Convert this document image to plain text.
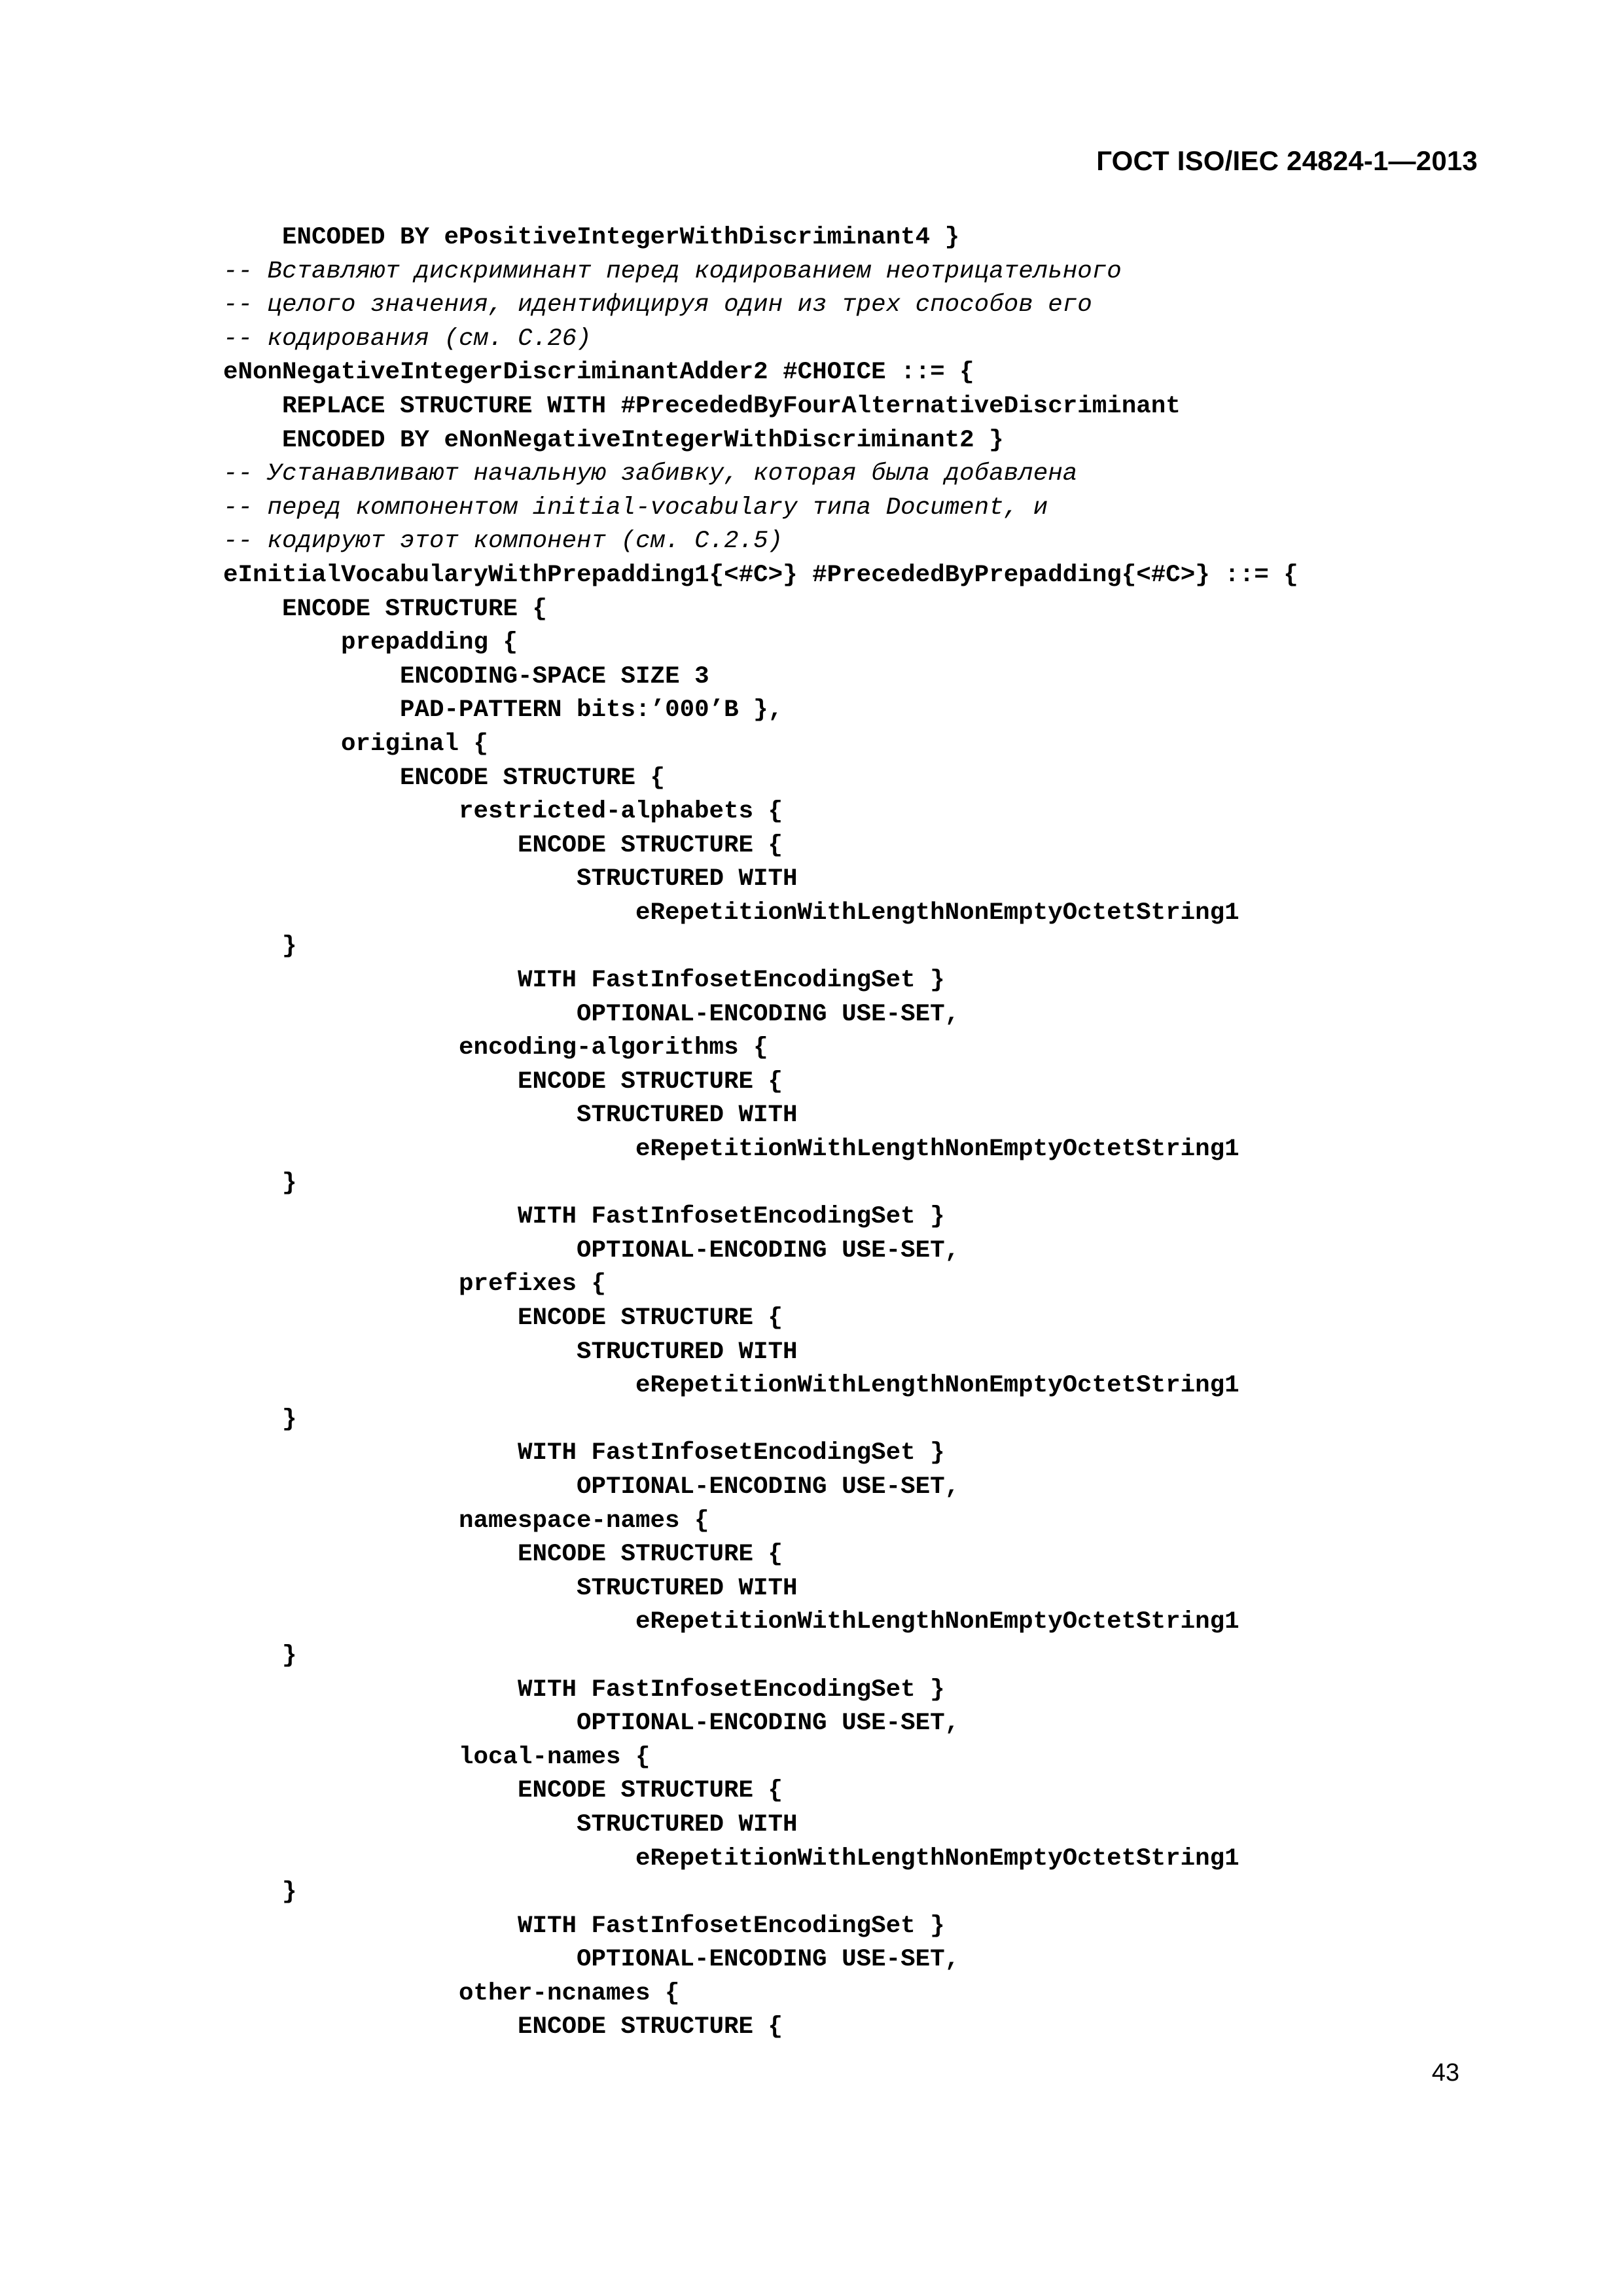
ГОСТ ISO/IEC 24824-1—2013
ENCODED BY ePositiveIntegerWithDiscriminant4 }
-- Вставляют дискриминант перед кодированием неотрицательного
-- целого значения, идентифицируя один из трех способов его
-- кодирования (см. С.26)
eNonNegativeIntegerDiscriminantAdder2 #CHOICE ::= {
REPLACE STRUCTURE WITH #PrecededByFourAlternativeDiscriminant
ENCODED BY eNonNegativeIntegerWithDiscriminant2 }
-- Устанавливают начальную забивку, которая была добавлена
-- перед компонентом initial-vocabulary типа Document, и
-- кодируют этот компонент (см. С.2.5)
eInitialVocabularyWithPrepadding1{<#C>} #PrecededByPrepadding{<#C>} ::= {
ENCODE STRUCTURE {
prepadding {
ENCODING-SPACE SIZE 3
PAD-PATTERN bits:’000’B },
original {
ENCODE STRUCTURE {
restricted-alphabets {
ENCODE STRUCTURE {
STRUCTURED WITH
eRepetitionWithLengthNonEmptyOctetString1
}
WITH FastInfosetEncodingSet }
OPTIONAL-ENCODING USE-SET,
encoding-algorithms {
ENCODE STRUCTURE {
STRUCTURED WITH
eRepetitionWithLengthNonEmptyOctetString1
}
WITH FastInfosetEncodingSet }
OPTIONAL-ENCODING USE-SET,
prefixes {
ENCODE STRUCTURE {
STRUCTURED WITH
eRepetitionWithLengthNonEmptyOctetString1
}
WITH FastInfosetEncodingSet }
OPTIONAL-ENCODING USE-SET,
namespace-names {
ENCODE STRUCTURE {
STRUCTURED WITH
eRepetitionWithLengthNonEmptyOctetString1
}
WITH FastInfosetEncodingSet }
OPTIONAL-ENCODING USE-SET,
local-names {
ENCODE STRUCTURE {
STRUCTURED WITH
eRepetitionWithLengthNonEmptyOctetString1
}
WITH FastInfosetEncodingSet }
OPTIONAL-ENCODING USE-SET,
other-ncnames {
ENCODE STRUCTURE {
43
